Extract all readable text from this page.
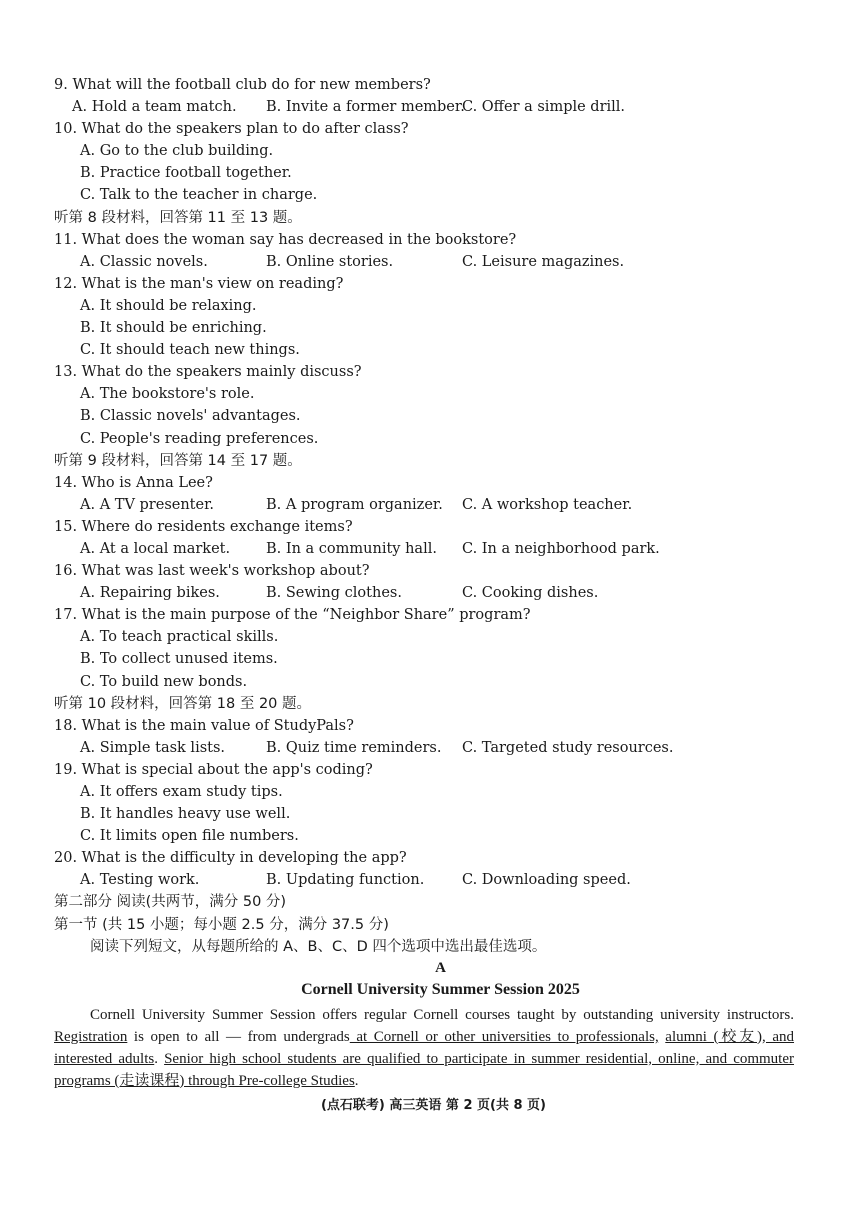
9. What will the football club do for new members?
A. Hold a team match.	B. Invite a former member.
C. Offer a simple drill.
10. What do the speakers plan to do after class?
A. Go to the club building.
B. Practice football together.
C. Talk to the teacher in charge.
听第 8 段材料，回答第 11 至 13 题。
11. What does the woman say has decreased in the bookstore?
A. Classic novels.	B. Online stories.	C. Leisure magazines.
12. What is the man's view on reading?
A. It should be relaxing.
B. It should be enriching.
C. It should teach new things.
13. What do the speakers mainly discuss?
A. The bookstore's role.
B. Classic novels' advantages.
C. People's reading preferences.
听第 9 段材料，回答第 14 至 17 题。
14. Who is Anna Lee?
A. A TV presenter.	B. A program organizer.	C. A workshop teacher.
15. Where do residents exchange items?
A. At a local market.	B. In a community hall.	C. In a neighborhood park.
16. What was last week's workshop about?
A. Repairing bikes.	B. Sewing clothes.	C. Cooking dishes.
17. What is the main purpose of the “Neighbor Share” program?
A. To teach practical skills.
B. To collect unused items.
C. To build new bonds.
听第 10 段材料，回答第 18 至 20 题。
18. What is the main value of StudyPals?
A. Simple task lists.	B. Quiz time reminders.	C. Targeted study resources.
19. What is special about the app's coding?
A. It offers exam study tips.
B. It handles heavy use well.
C. It limits open file numbers.
20. What is the difficulty in developing the app?
A. Testing work.	B. Updating function.	C. Downloading speed.
第二部分 阅读(共两节，满分 50 分)
第一节 (共 15 小题；每小题 2.5 分，满分 37.5 分)
阅读下列短文，从每题所给的 A、B、C、D 四个选项中选出最佳选项。
A
Cornell University Summer Session 2025
Cornell University Summer Session offers regular Cornell courses taught by outstanding university instructors. Registration is open to all — from undergrads at Cornell or other universities to professionals, alumni (校友), and interested adults. Senior high school students are qualified to participate in summer residential, online, and commuter programs (走读课程) through Pre-college Studies.
(点石联考) 高三英语 第 2 页(共 8 页)
